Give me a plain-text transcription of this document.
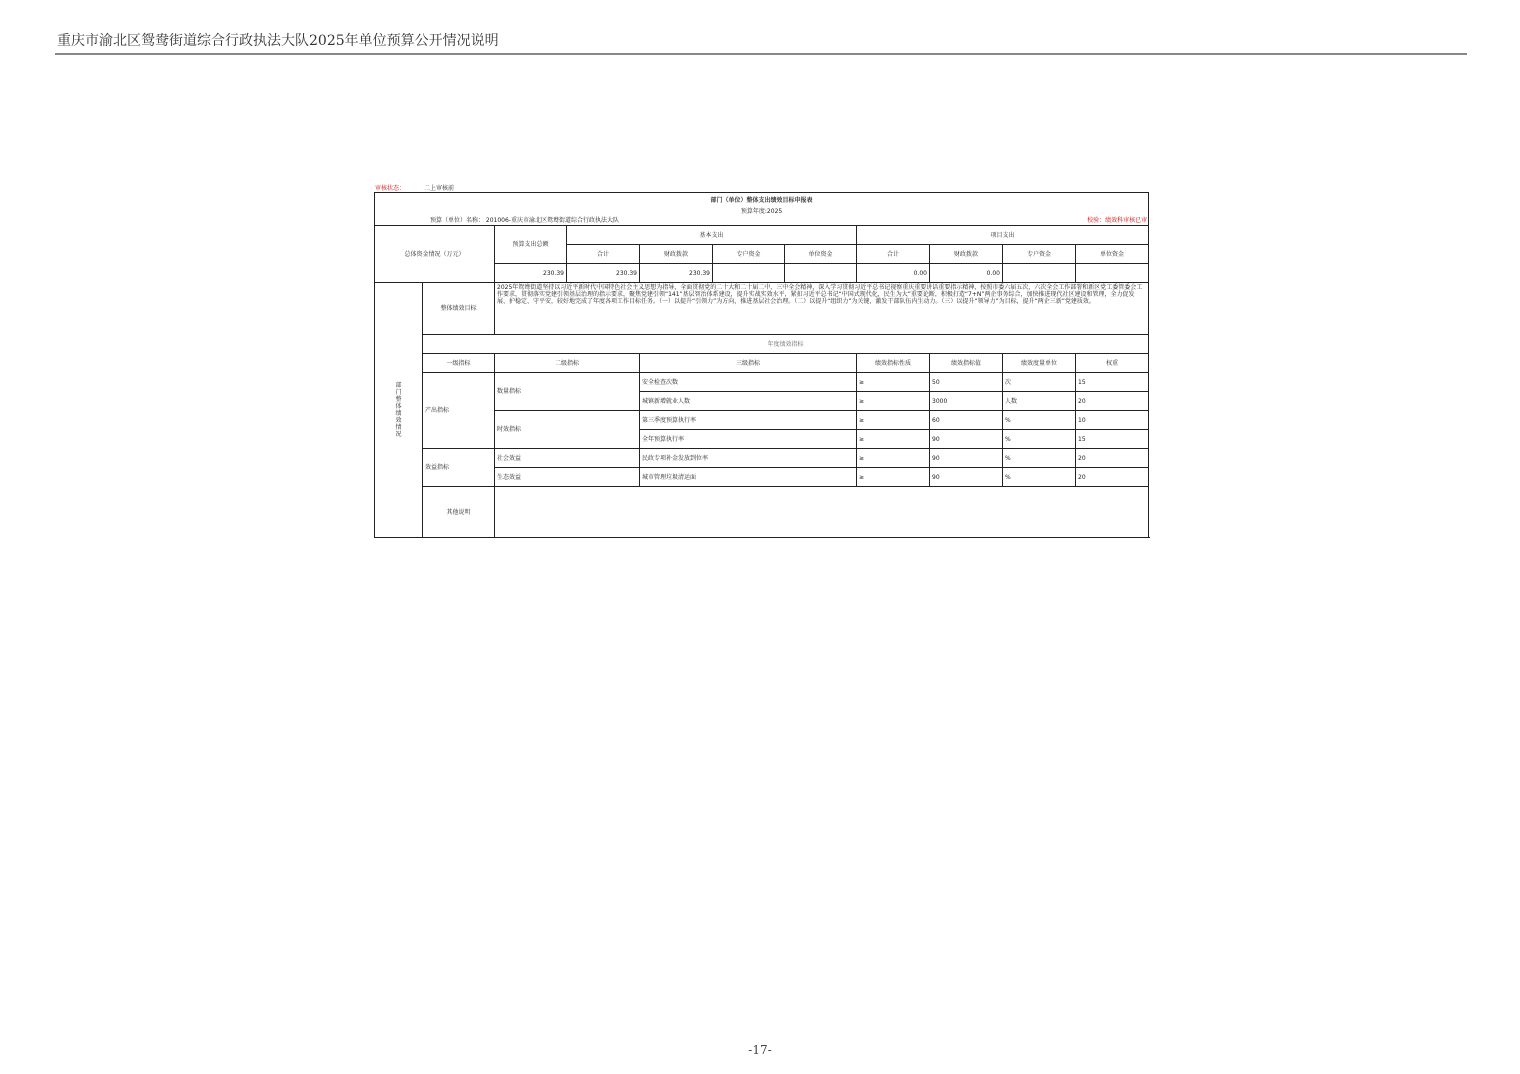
重庆市渝北区鸳鸯街道综合行政执法大队2025年单位预算公开情况说明
审核状态：	二上审核前
部门（单位）整体支出绩效目标申报表										
预算年度:2025										

预算（单位）名称： 201006-重庆市渝北区鸳鸯街道综合行政执法大队 校验：绩效科审核已审										

总体资金情况（万元）		预算支出总额	基本支出				项目支出			
			合计	财政拨款	专户资金	单位资金	合计	财政拨款	专户资金	单位资金
		230.39	230.39	230.39			0.00	0.00		

部门整体绩效情况	整体绩效目标	2025年鸳鸯街道坚持以习近平新时代中国特色社会主义思想为指导，全面贯彻党的二十大和二十届二中、三中全会精神，深入学习贯彻习近平总书记视察重庆重要讲话重要指示精神，按照市委六届五次、六次全会工作部署和新区党工委管委会工作要求，贯彻落实党建引领基层治理的指示要求，聚焦党建引领“141”基层智治体系建设，提升实战实效水平，紧扣习近平总书记“中国式现代化，民生为大”重要论断，积极打造“7+N”两企事务综合，加快推进现代社区建设和管理，全力促发展、护稳定、守平安，较好地完成了年度各项工作目标任务。（一）以提升“引领力”为方向，推进基层社会治理。（二）以提升“组织力”为关键，激发干部队伍内生动力。（三）以提升“领导力”为目标，提升“两企三新”党建质效。								
	年度绩效指标									
	一级指标	二级指标		三级指标			绩效指标性质	绩效指标值	绩效度量单位	权重
	产出指标	数量指标		安全检查次数			≥	50	次	15
				城镇新增就业人数			≥	3000	人数	20
		时效指标		第三季度预算执行率			≥	60	%	10
				全年预算执行率			≥	90	%	15
	效益指标	社会效益		民政专项补金发放到位率			≥	90	%	20
		生态效益		城市管理垃圾清运面			≥	90	%	20
	其他说明									
-17-
